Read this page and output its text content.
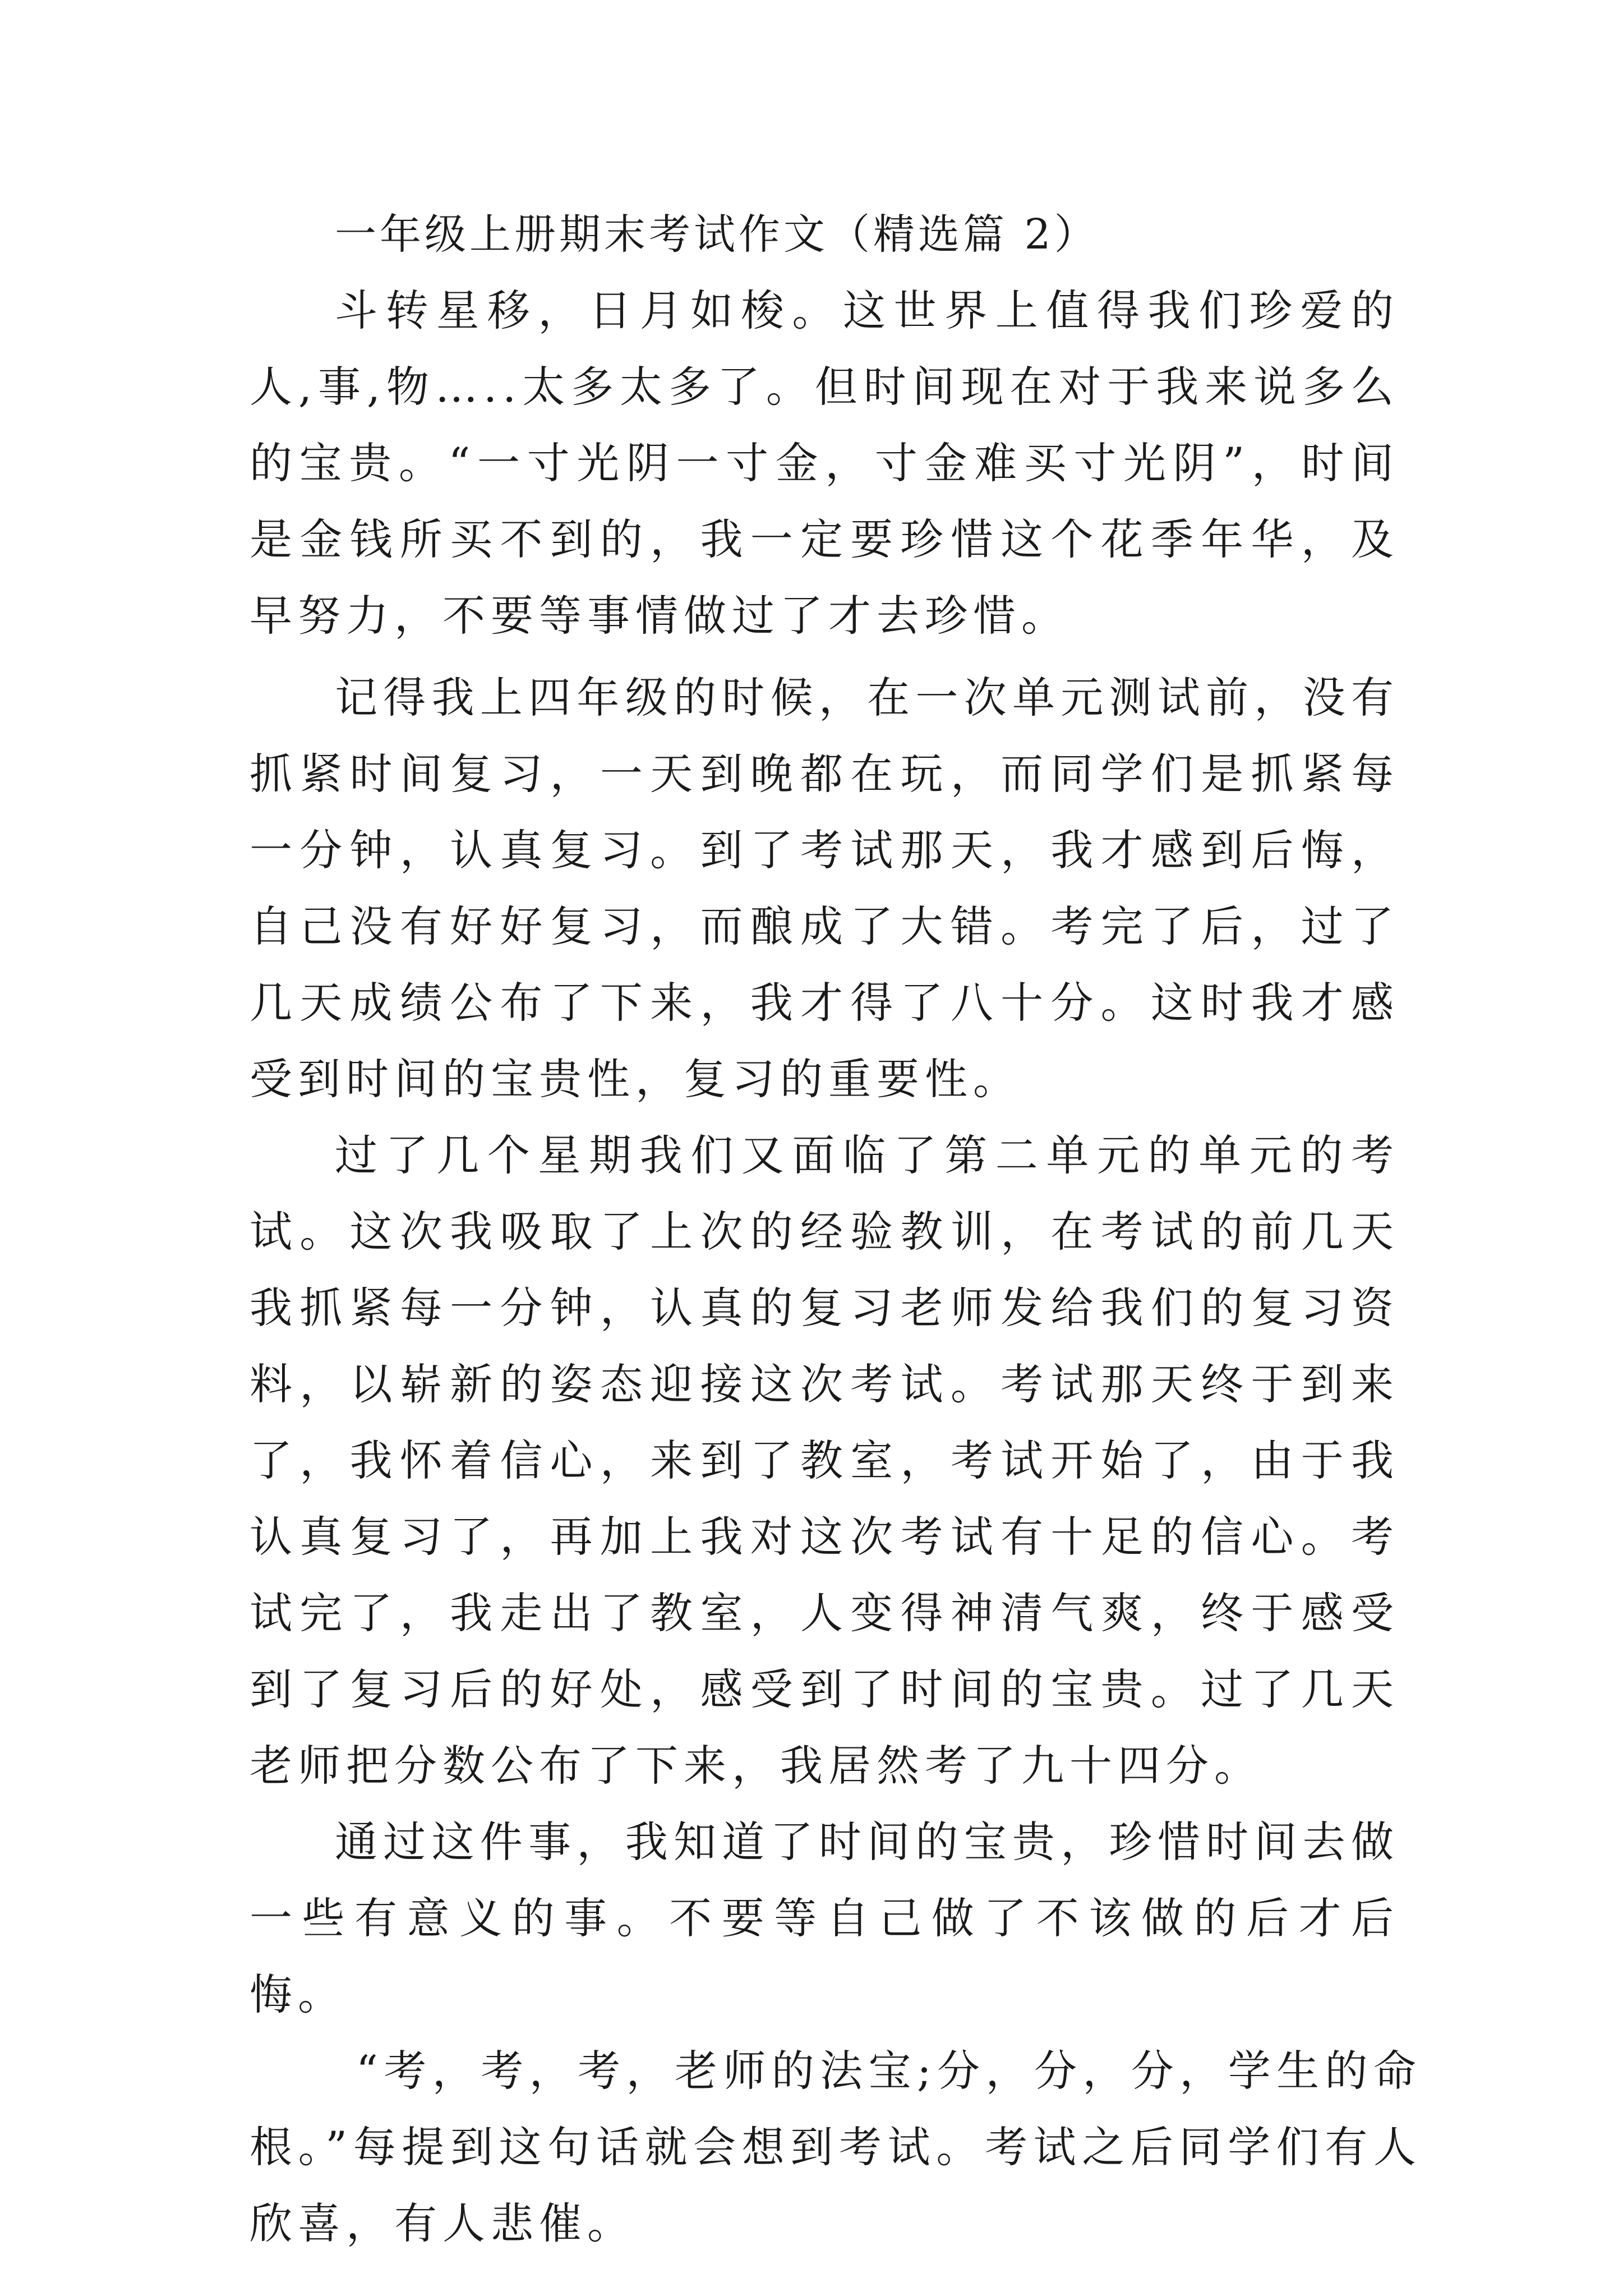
一年级上册期末考试作文（精选篇 2）

斗转星移，日月如梭。这世界上值得我们珍爱的人,事,物…..太多太多了。但时间现在对于我来说多么的宝贵。“一寸光阴一寸金，寸金难买寸光阴”，时间是金钱所买不到的，我一定要珍惜这个花季年华，及早努力，不要等事情做过了才去珍惜。

记得我上四年级的时候，在一次单元测试前，没有抓紧时间复习，一天到晚都在玩，而同学们是抓紧每一分钟，认真复习。到了考试那天，我才感到后悔，自己没有好好复习，而酿成了大错。考完了后，过了几天成绩公布了下来，我才得了八十分。这时我才感受到时间的宝贵性，复习的重要性。

过了几个星期我们又面临了第二单元的单元的考试。这次我吸取了上次的经验教训，在考试的前几天我抓紧每一分钟，认真的复习老师发给我们的复习资料，以崭新的姿态迎接这次考试。考试那天终于到来了，我怀着信心，来到了教室，考试开始了，由于我认真复习了，再加上我对这次考试有十足的信心。考试完了，我走出了教室，人变得神清气爽，终于感受到了复习后的好处，感受到了时间的宝贵。过了几天老师把分数公布了下来，我居然考了九十四分。

通过这件事，我知道了时间的宝贵，珍惜时间去做一些有意义的事。不要等自己做了不该做的后才后悔。

“考，考，考，老师的法宝;分，分，分，学生的命根。”每提到这句话就会想到考试。考试之后同学们有人欣喜，有人悲催。
